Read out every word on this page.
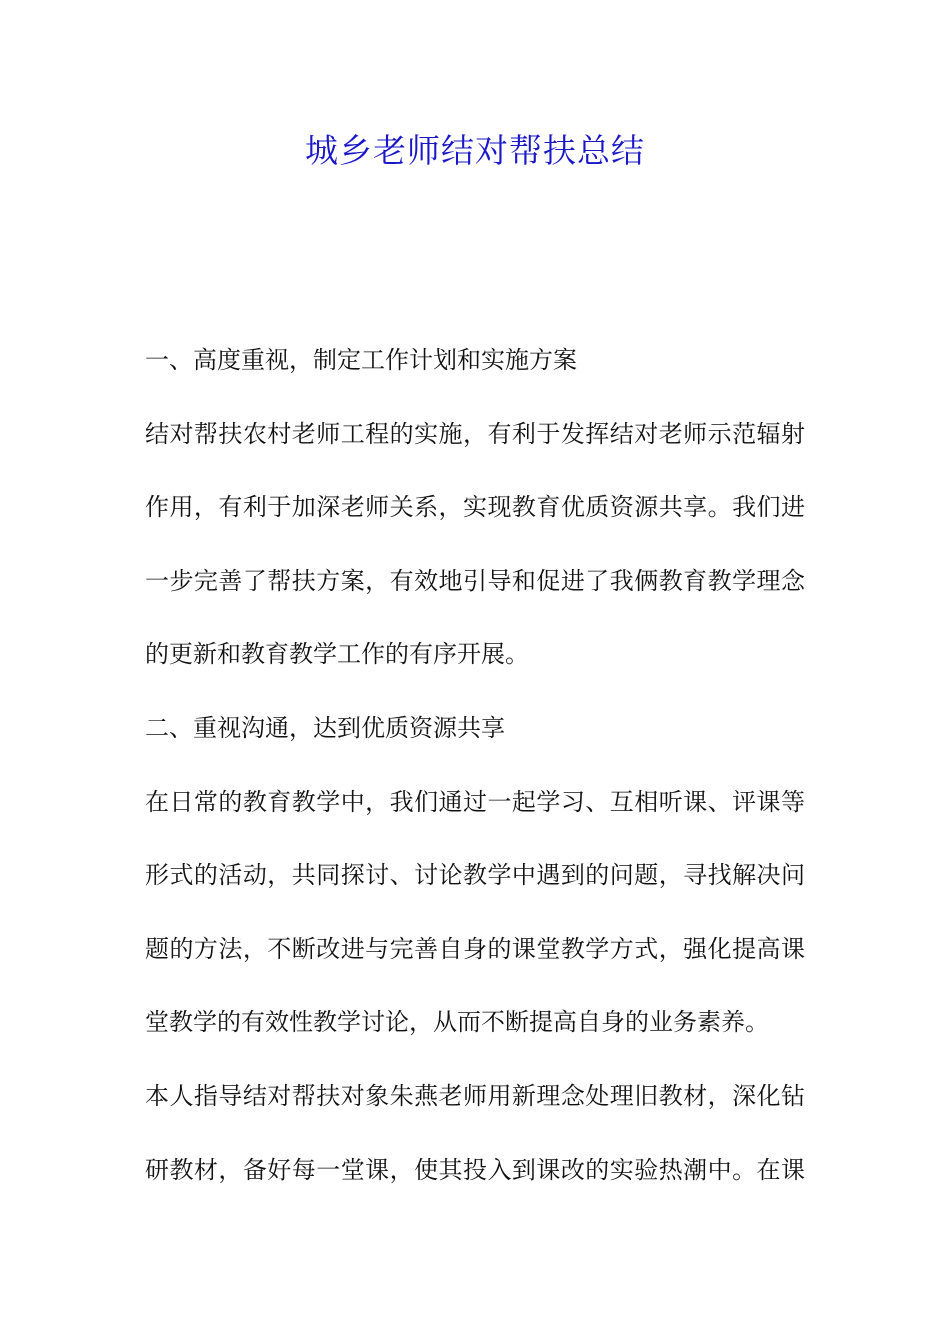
城乡老师结对帮扶总结

一、高度重视，制定工作计划和实施方案

结对帮扶农村老师工程的实施，有利于发挥结对老师示范辐射

作用，有利于加深老师关系，实现教育优质资源共享。我们进

一步完善了帮扶方案，有效地引导和促进了我俩教育教学理念

的更新和教育教学工作的有序开展。

二、重视沟通，达到优质资源共享

在日常的教育教学中，我们通过一起学习、互相听课、评课等

形式的活动，共同探讨、讨论教学中遇到的问题，寻找解决问

题的方法，不断改进与完善自身的课堂教学方式，强化提高课

堂教学的有效性教学讨论，从而不断提高自身的业务素养。

本人指导结对帮扶对象朱燕老师用新理念处理旧教材，深化钻

研教材，备好每一堂课，使其投入到课改的实验热潮中。在课
